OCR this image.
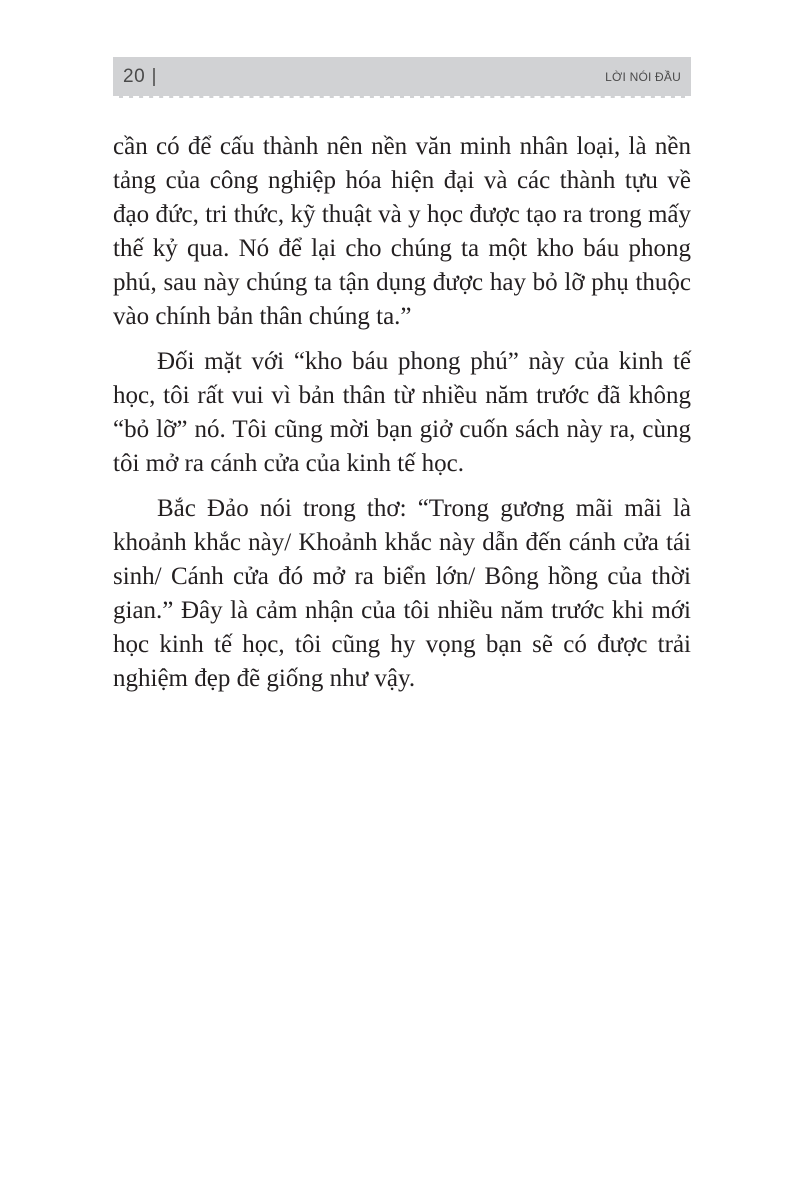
20	LỜI NÓI ĐẦU

cần có để cấu thành nên nền văn minh nhân loại, là nền tảng của công nghiệp hóa hiện đại và các thành tựu về đạo đức, tri thức, kỹ thuật và y học được tạo ra trong mấy thế kỷ qua. Nó để lại cho chúng ta một kho báu phong phú, sau này chúng ta tận dụng được hay bỏ lỡ phụ thuộc vào chính bản thân chúng ta.”

Đối mặt với “kho báu phong phú” này của kinh tế học, tôi rất vui vì bản thân từ nhiều năm trước đã không “bỏ lỡ” nó. Tôi cũng mời bạn giở cuốn sách này ra, cùng tôi mở ra cánh cửa của kinh tế học.

Bắc Đảo nói trong thơ: “Trong gương mãi mãi là khoảnh khắc này/ Khoảnh khắc này dẫn đến cánh cửa tái sinh/ Cánh cửa đó mở ra biển lớn/ Bông hồng của thời gian.” Đây là cảm nhận của tôi nhiều năm trước khi mới học kinh tế học, tôi cũng hy vọng bạn sẽ có được trải nghiệm đẹp đẽ giống như vậy.
